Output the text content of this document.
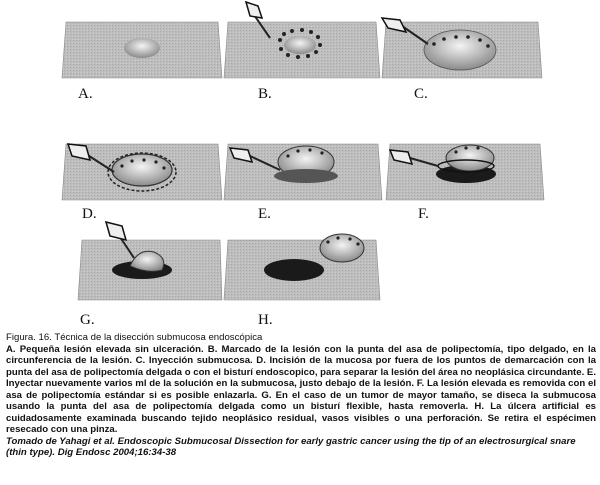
A.	B.	C.
D.	E.	F.
G.	H.
Figura. 16. Técnica de la disección submucosa endoscópica
A. Pequeña lesión elevada sin ulceración. B. Marcado de la lesión con la punta del asa de polipectomía, tipo delgado, en la circunferencia de la lesión. C. Inyección submucosa. D. Incisión de la mucosa por fuera de los puntos de demarcación con la punta del asa de polipectomía delgada o con el bisturí endoscopico, para separar la lesión del área no neoplásica circundante. E. Inyectar nuevamente varios ml de la solución en la submucosa, justo debajo de la lesión. F. La lesión elevada es removida con el asa de polipectomía estándar si es posible enlazarla. G. En el caso de un tumor de mayor tamaño, se diseca la submucosa usando la punta del asa de polipectomía delgada como un bisturí flexible, hasta removerla. H. La úlcera artificial es cuidadosamente examinada buscando tejido neoplásico residual, vasos visibles o una perforación. Se retira el espécimen resecado con una pinza.
Tomado de Yahagi et al. Endoscopic Submucosal Dissection for early gastric cancer using the tip of an electrosurgical snare (thin type). Dig Endosc 2004;16:34-38
